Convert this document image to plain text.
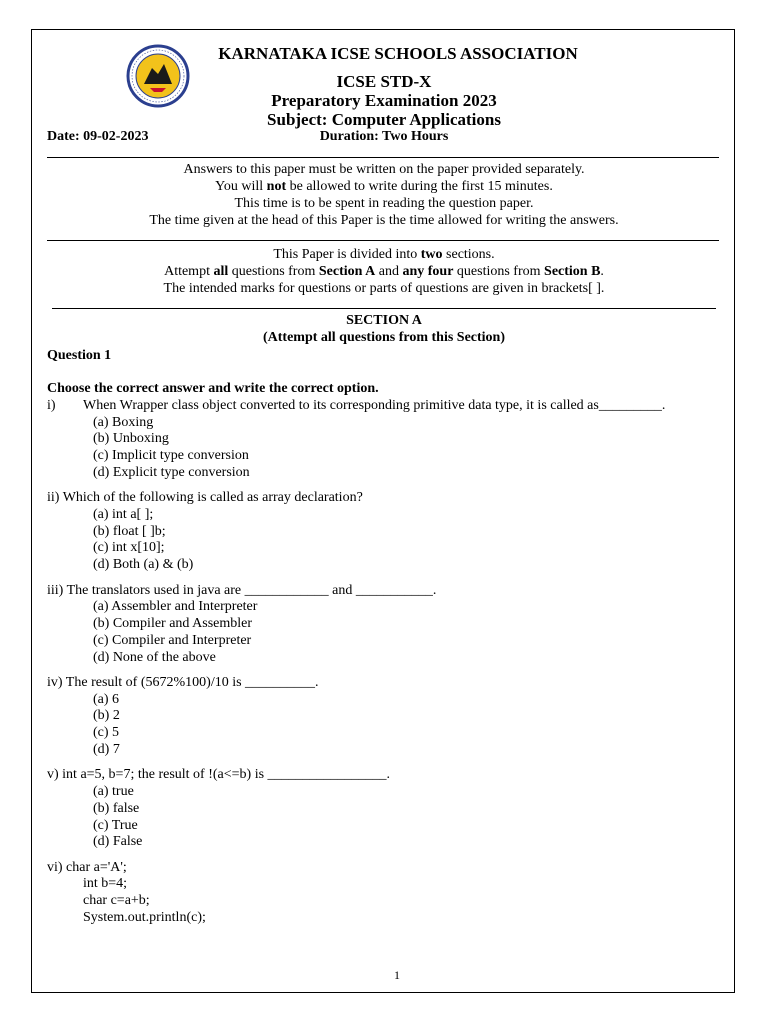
KARNATAKA ICSE SCHOOLS ASSOCIATION
ICSE STD-X
Preparatory Examination 2023
Subject: Computer Applications
Date: 09-02-2023	Duration: Two Hours
Answers to this paper must be written on the paper provided separately.
You will not be allowed to write during the first 15 minutes.
This time is to be spent in reading the question paper.
The time given at the head of this Paper is the time allowed for writing the answers.
This Paper is divided into two sections.
Attempt all questions from Section A and any four questions from Section B.
The intended marks for questions or parts of questions are given in brackets[ ].
SECTION A
(Attempt all questions from this Section)
Question 1
Choose the correct answer and write the correct option.
i) When Wrapper class object converted to its corresponding primitive data type, it is called as_________.
(a) Boxing
(b) Unboxing
(c) Implicit type conversion
(d) Explicit type conversion
ii) Which of the following is called as array declaration?
(a) int a[ ];
(b) float [ ]b;
(c) int x[10];
(d) Both (a) & (b)
iii) The translators used in java are ____________ and ___________.
(a) Assembler and Interpreter
(b) Compiler and Assembler
(c) Compiler and Interpreter
(d) None of the above
iv) The result of (5672%100)/10 is __________.
(a) 6
(b) 2
(c) 5
(d) 7
v) int a=5, b=7; the result of !(a<=b) is _________________.
(a) true
(b) false
(c) True
(d) False
vi) char a='A';
int b=4;
char c=a+b;
System.out.println(c);
1
